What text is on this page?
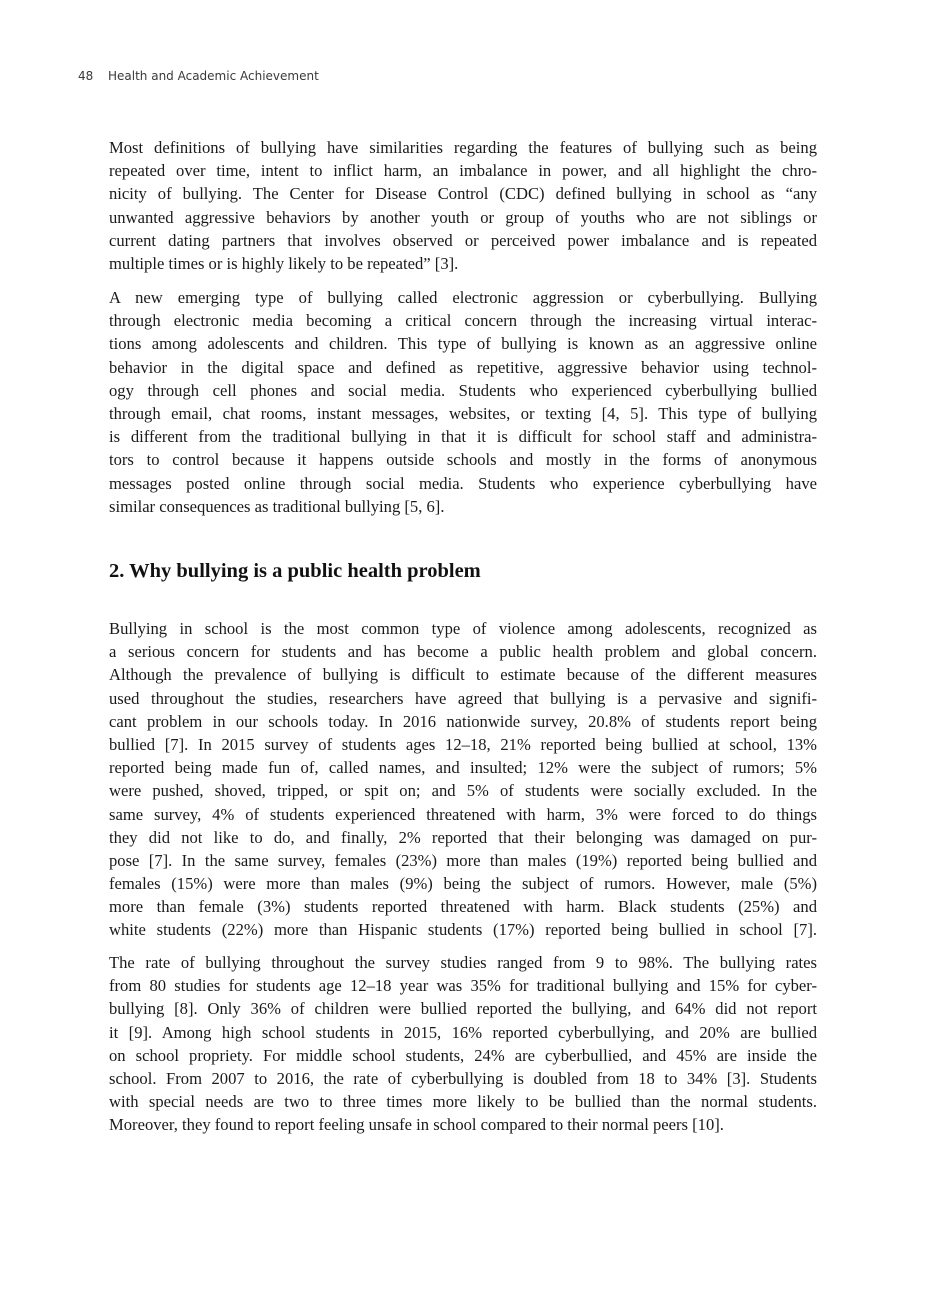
48 Health and Academic Achievement
Most definitions of bullying have similarities regarding the features of bullying such as being
repeated over time, intent to inflict harm, an imbalance in power, and all highlight the chro-
nicity of bullying. The Center for Disease Control (CDC) defined bullying in school as “any
unwanted aggressive behaviors by another youth or group of youths who are not siblings or
current dating partners that involves observed or perceived power imbalance and is repeated
multiple times or is highly likely to be repeated” [3].
A new emerging type of bullying called electronic aggression or cyberbullying. Bullying
through electronic media becoming a critical concern through the increasing virtual interac-
tions among adolescents and children. This type of bullying is known as an aggressive online
behavior in the digital space and defined as repetitive, aggressive behavior using technol-
ogy through cell phones and social media. Students who experienced cyberbullying bullied
through email, chat rooms, instant messages, websites, or texting [4, 5]. This type of bullying
is different from the traditional bullying in that it is difficult for school staff and administra-
tors to control because it happens outside schools and mostly in the forms of anonymous
messages posted online through social media. Students who experience cyberbullying have
similar consequences as traditional bullying [5, 6].
2. Why bullying is a public health problem
Bullying in school is the most common type of violence among adolescents, recognized as
a serious concern for students and has become a public health problem and global concern.
Although the prevalence of bullying is difficult to estimate because of the different measures
used throughout the studies, researchers have agreed that bullying is a pervasive and signifi-
cant problem in our schools today. In 2016 nationwide survey, 20.8% of students report being
bullied [7]. In 2015 survey of students ages 12–18, 21% reported being bullied at school, 13%
reported being made fun of, called names, and insulted; 12% were the subject of rumors; 5%
were pushed, shoved, tripped, or spit on; and 5% of students were socially excluded. In the
same survey, 4% of students experienced threatened with harm, 3% were forced to do things
they did not like to do, and finally, 2% reported that their belonging was damaged on pur-
pose [7]. In the same survey, females (23%) more than males (19%) reported being bullied and
females (15%) were more than males (9%) being the subject of rumors. However, male (5%)
more than female (3%) students reported threatened with harm. Black students (25%) and
white students (22%) more than Hispanic students (17%) reported being bullied in school [7].
The rate of bullying throughout the survey studies ranged from 9 to 98%. The bullying rates
from 80 studies for students age 12–18 year was 35% for traditional bullying and 15% for cyber-
bullying [8]. Only 36% of children were bullied reported the bullying, and 64% did not report
it [9]. Among high school students in 2015, 16% reported cyberbullying, and 20% are bullied
on school propriety. For middle school students, 24% are cyberbullied, and 45% are inside the
school. From 2007 to 2016, the rate of cyberbullying is doubled from 18 to 34% [3]. Students
with special needs are two to three times more likely to be bullied than the normal students.
Moreover, they found to report feeling unsafe in school compared to their normal peers [10].
